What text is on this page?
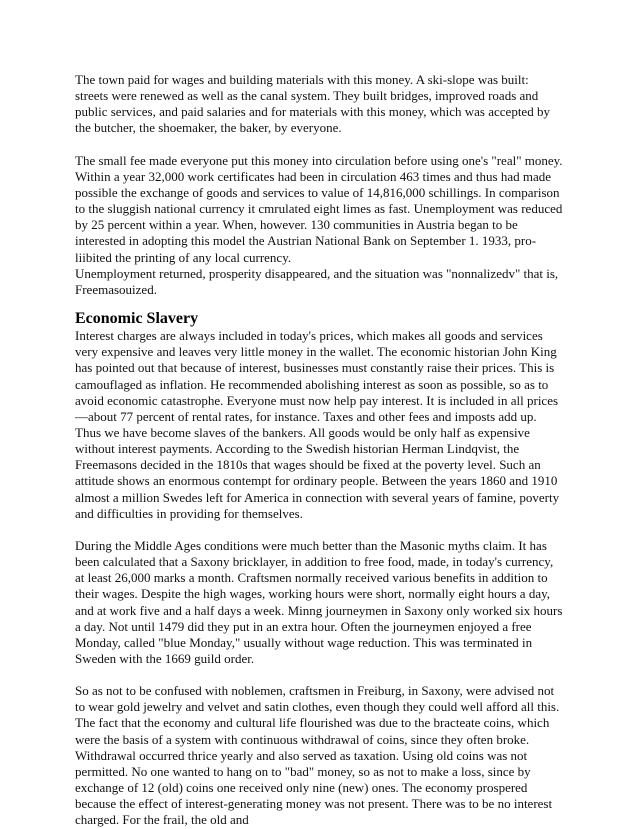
The town paid for wages and building materials with this money. A ski-slope was built: streets were renewed as well as the canal system. They built bridges, improved roads and public services, and paid salaries and for materials with this money, which was accepted by the butcher, the shoemaker, the baker, by everyone.

The small fee made everyone put this money into circulation before using one's "real" money. Within a year 32,000 work certificates had been in circulation 463 times and thus had made possible the exchange of goods and services to value of 14,816,000 schillings. In comparison to the sluggish national currency it cmrulated eight limes as fast. Unemployment was reduced by 25 percent within a year. When, however. 130 communities in Austria began to be interested in adopting this model the Austrian National Bank on September 1. 1933, pro-liibited the printing of any local currency.

Unemployment returned, prosperity disappeared, and the situation was "nonnalizedv" that is, Freemasouized.

Economic Slavery

Interest charges are always included in today's prices, which makes all goods and services very expensive and leaves very little money in the wallet. The economic historian John King has pointed out that because of interest, businesses must constantly raise their prices. This is camouflaged as inflation. He recommended abolishing interest as soon as possible, so as to avoid economic catastrophe. Everyone must now help pay interest. It is included in all prices—about 77 percent of rental rates, for instance. Taxes and other fees and imposts add up. Thus we have become slaves of the bankers. All goods would be only half as expensive without interest payments. According to the Swedish historian Herman Lindqvist, the Freemasons decided in the 1810s that wages should be fixed at the poverty level. Such an attitude shows an enormous contempt for ordinary people. Between the years 1860 and 1910 almost a million Swedes left for America in connection with several years of famine, poverty and difficulties in providing for themselves.

During the Middle Ages conditions were much better than the Masonic myths claim. It has been calculated that a Saxony bricklayer, in addition to free food, made, in today's currency, at least 26,000 marks a month. Craftsmen normally received various benefits in addition to their wages. Despite the high wages, working hours were short, normally eight hours a day, and at work five and a half days a week. Minng journeymen in Saxony only worked six hours a day. Not until 1479 did they put in an extra hour. Often the journeymen enjoyed a free Monday, called "blue Monday," usually without wage reduction. This was terminated in Sweden with the 1669 guild order.

So as not to be confused with noblemen, craftsmen in Freiburg, in Saxony, were advised not to wear gold jewelry and velvet and satin clothes, even though they could well afford all this. The fact that the economy and cultural life flourished was due to the bracteate coins, which were the basis of a system with continuous withdrawal of coins, since they often broke. Withdrawal occurred thrice yearly and also served as taxation. Using old coins was not permitted. No one wanted to hang on to "bad" money, so as not to make a loss, since by exchange of 12 (old) coins one received only nine (new) ones. The economy prospered because the effect of interest-generating money was not present. There was to be no interest charged. For the frail, the old and
